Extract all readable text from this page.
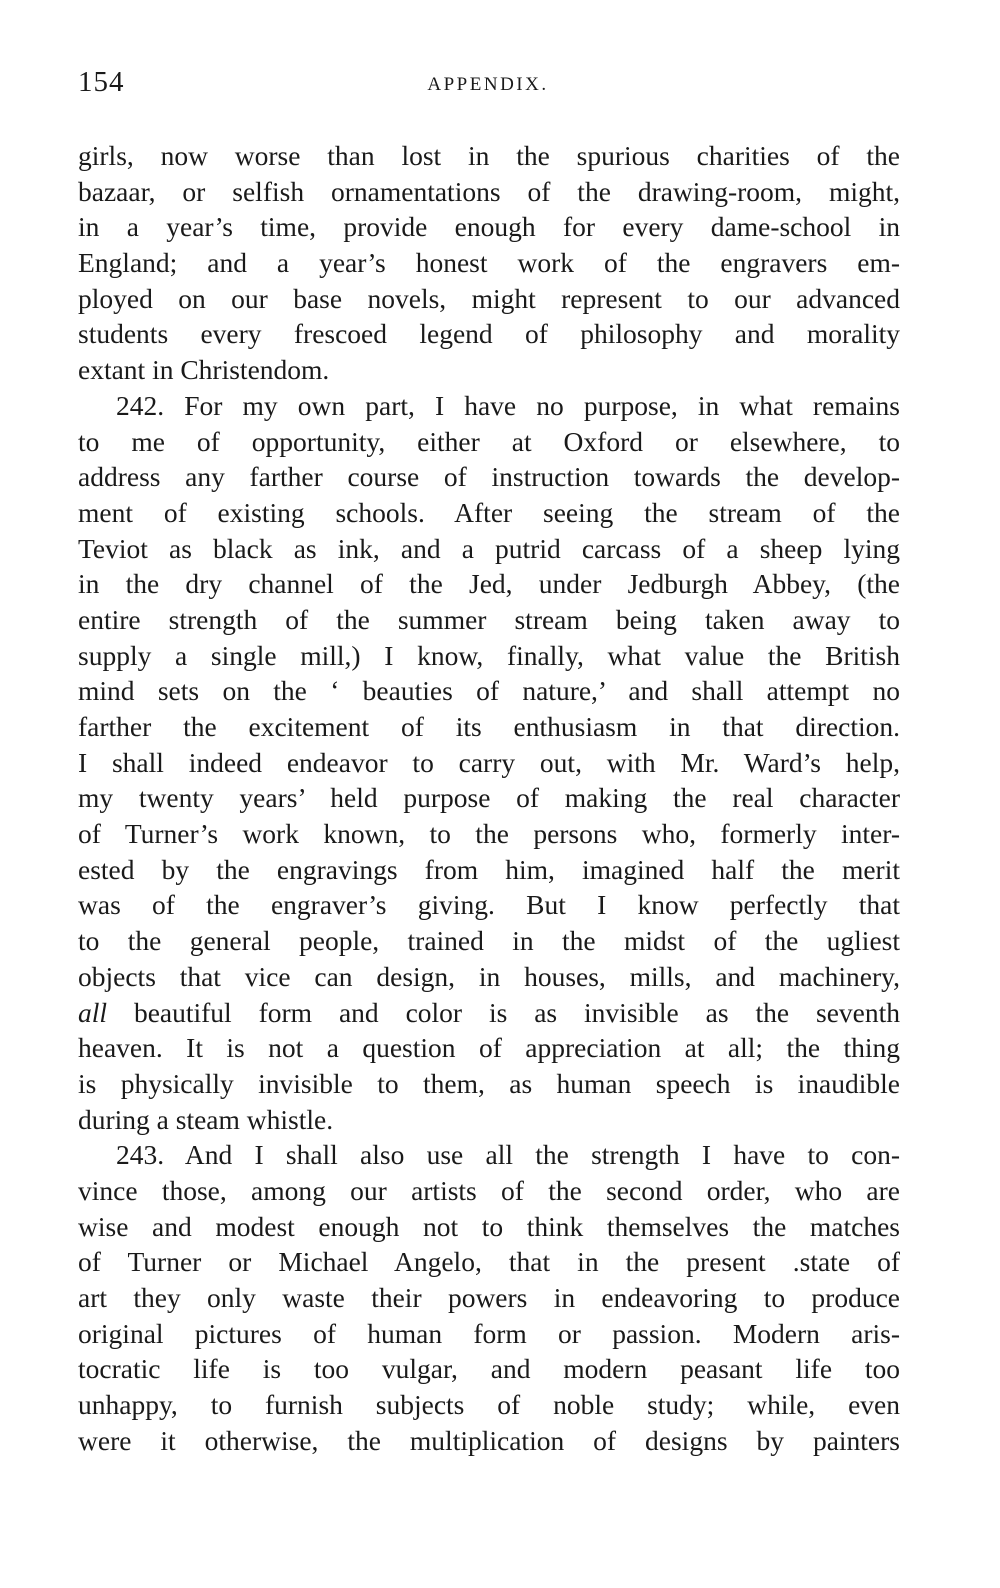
154	APPENDIX.
girls, now worse than lost in the spurious charities of the
bazaar, or selfish ornamentations of the drawing-room, might,
in a year’s time, provide enough for every dame-school in
England; and a year’s honest work of the engravers em-
ployed on our base novels, might represent to our advanced
students every frescoed legend of philosophy and morality
extant in Christendom.
242. For my own part, I have no purpose, in what remains
to me of opportunity, either at Oxford or elsewhere, to
address any farther course of instruction towards the develop-
ment of existing schools. After seeing the stream of the
Teviot as black as ink, and a putrid carcass of a sheep lying
in the dry channel of the Jed, under Jedburgh Abbey, (the
entire strength of the summer stream being taken away to
supply a single mill,) I know, finally, what value the British
mind sets on the ‘ beauties of nature,’ and shall attempt no
farther the excitement of its enthusiasm in that direction.
I shall indeed endeavor to carry out, with Mr. Ward’s help,
my twenty years’ held purpose of making the real character
of Turner’s work known, to the persons who, formerly inter-
ested by the engravings from him, imagined half the merit
was of the engraver’s giving. But I know perfectly that
to the general people, trained in the midst of the ugliest
objects that vice can design, in houses, mills, and machinery,
all beautiful form and color is as invisible as the seventh
heaven. It is not a question of appreciation at all; the thing
is physically invisible to them, as human speech is inaudible
during a steam whistle.
243. And I shall also use all the strength I have to con-
vince those, among our artists of the second order, who are
wise and modest enough not to think themselves the matches
of Turner or Michael Angelo, that in the present .state of
art they only waste their powers in endeavoring to produce
original pictures of human form or passion. Modern aris-
tocratic life is too vulgar, and modern peasant life too
unhappy, to furnish subjects of noble study; while, even
were it otherwise, the multiplication of designs by painters
